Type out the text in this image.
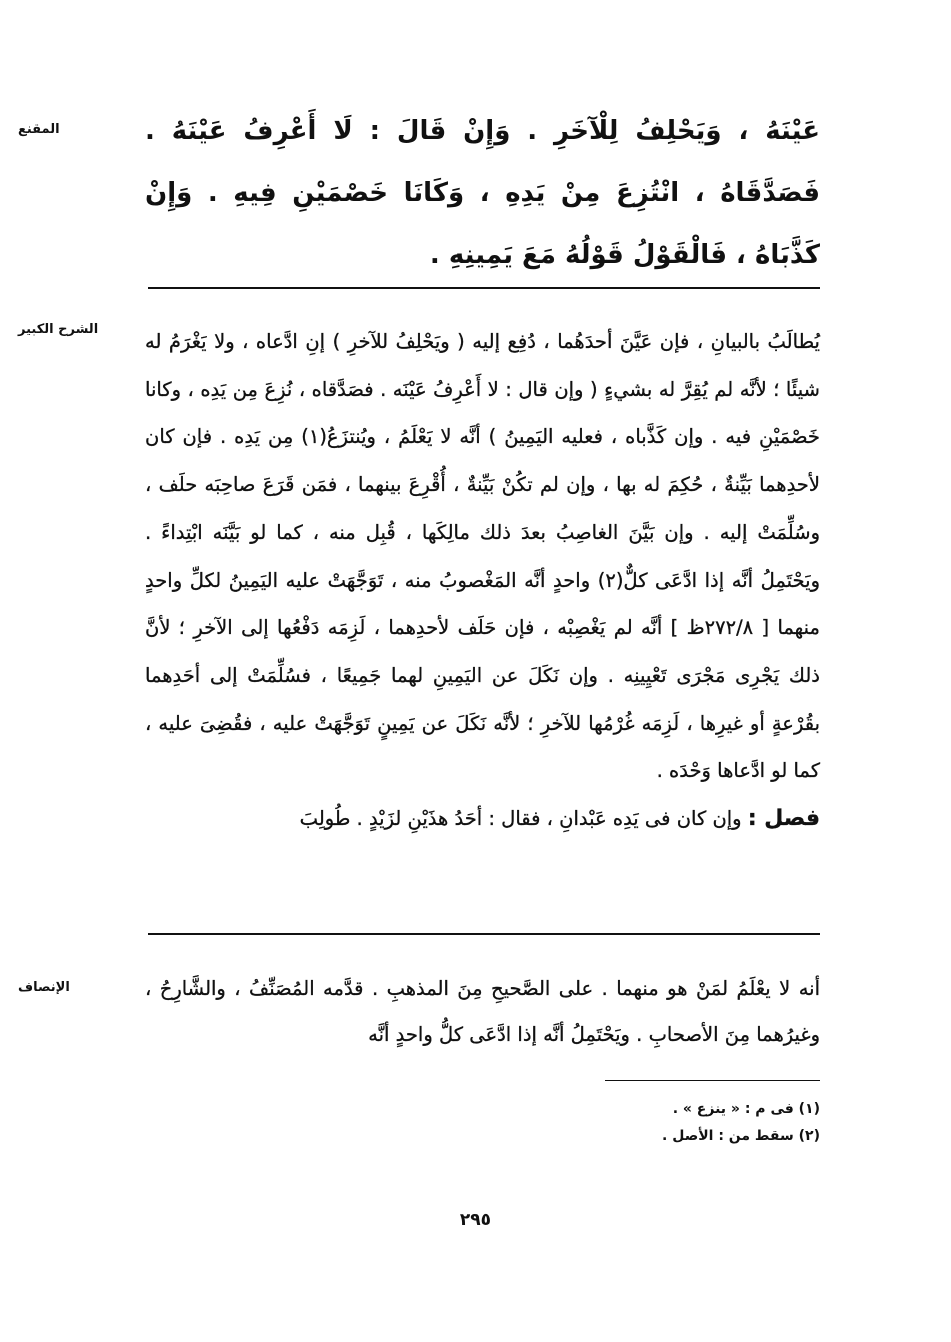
المقنع	عَيْنَهُ ، وَيَحْلِفُ لِلْآخَرِ . وَإِنْ قَالَ : لَا أَعْرِفُ عَيْنَهُ . فَصَدَّقَاهُ ، انْتُزِعَ مِنْ يَدِهِ ، وَكَانَا خَصْمَيْنِ فِيهِ . وَإِنْ كَذَّبَاهُ ، فَالْقَوْلُ قَوْلُهُ مَعَ يَمِينِهِ .
الشرح الكبير
يُطالَبُ بالبيانِ ، فإن عَيَّنَ أحدَهُما ، دُفِع إليه ( ويَحْلِفُ للآخرِ ) إنِ ادَّعاه ، ولا يَغْرَمُ له شيئًا ؛ لأنَّه لم يُقِرَّ له بشيءٍ ( وإن قال : لا أَعْرِفُ عَيْنَه . فصَدَّقاه ، نُزِعَ مِن يَدِه ، وكانا خَصْمَيْنِ فيه . وإن كَذَّباه ، فعليه اليَمِينُ ) أنَّه لا يَعْلَمُ ، ويُنتزَعُ(١) مِن يَدِه . فإن كان لأحدِهما بَيِّنةٌ ، حُكِمَ له بها ، وإن لم تكُنْ بَيِّنةٌ ، أُقْرِعَ بينهما ، فمَن قَرَعَ صاحِبَه حلَف ، وسُلِّمَتْ إليه . وإن بَيَّنَ الغاصِبُ بعدَ ذلك مالِكَها ، قُبِل منه ، كما لو بَيَّنَه ابْتِداءً . ويَحْتَمِلُ أنَّه إذا ادَّعَى كلٌّ(٢) واحدٍ أنَّه المَغْصوبُ منه ، تَوَجَّهَتْ عليه اليَمِينُ لكلِّ واحدٍ منهما [ ٢٧٢/٨ظ ] أنَّه لم يَغْصِبْه ، فإن حَلَف لأحدِهما ، لَزِمَه دَفْعُها إلى الآخرِ ؛ لأنَّ ذلك يَجْرِى مَجْرَى تَعْيِينِه . وإن نَكَلَ عن اليَمِينِ لهما جَمِيعًا ، فسُلِّمَتْ إلى أحَدِهما بقُرْعةٍ أو غيرِها ، لَزِمَه غُرْمُها للآخرِ ؛ لأنَّه نَكَلَ عن يَمِينٍ تَوَجَّهَتْ عليه ، فقُضِىَ عليه ، كما لو ادَّعاها وَحْدَه .
فصل : وإن كان فى يَدِه عَبْدانِ ، فقال : أحَدُ هذَيْنِ لزَيْدٍ . طُولِبَ
الإنصاف	أنه لا يعْلَمُ لمَنْ هو منهما . على الصَّحيحِ مِنَ المذهبِ . قدَّمه المُصَنِّفُ ، والشَّارِحُ ، وغيرُهما مِنَ الأصحابِ . ويَحْتَمِلُ أنَّه إذا ادَّعَى كلُّ واحدٍ أنَّه
(١) فى م : « ينزع » .
(٢) سقط من : الأصل .
٢٩٥
